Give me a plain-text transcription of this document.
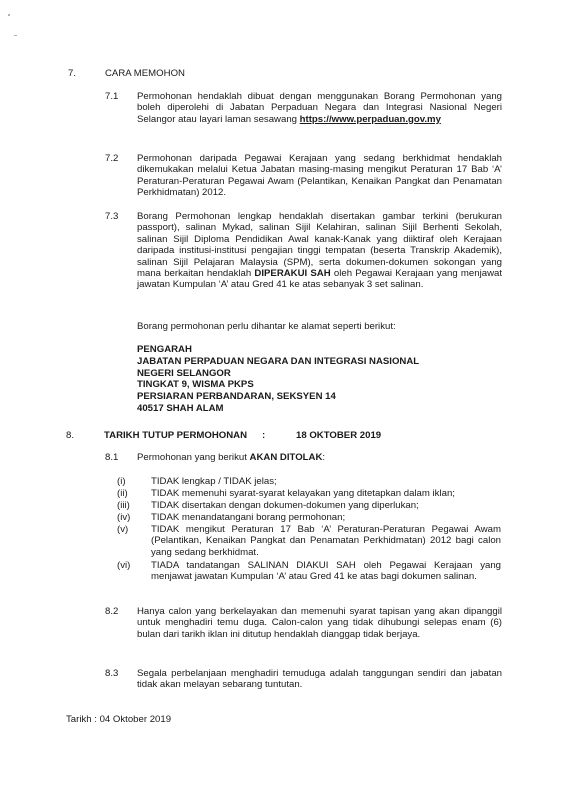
7.	CARA MEMOHON
7.1 Permohonan hendaklah dibuat dengan menggunakan Borang Permohonan yang boleh diperolehi di Jabatan Perpaduan Negara dan Integrasi Nasional Negeri Selangor atau layari laman sesawang https://www.perpaduan.gov.my
7.2 Permohonan daripada Pegawai Kerajaan yang sedang berkhidmat hendaklah dikemukakan melalui Ketua Jabatan masing-masing mengikut Peraturan 17 Bab ‘A’ Peraturan-Peraturan Pegawai Awam (Pelantikan, Kenaikan Pangkat dan Penamatan Perkhidmatan) 2012.
7.3 Borang Permohonan lengkap hendaklah disertakan gambar terkini (berukuran passport), salinan Mykad, salinan Sijil Kelahiran, salinan Sijil Berhenti Sekolah, salinan Sijil Diploma Pendidikan Awal kanak-Kanak yang diiktiraf oleh Kerajaan daripada institusi-institusi pengajian tinggi tempatan (beserta Transkrip Akademik), salinan Sijil Pelajaran Malaysia (SPM), serta dokumen-dokumen sokongan yang mana berkaitan hendaklah DIPERAKUI SAH oleh Pegawai Kerajaan yang menjawat jawatan Kumpulan ‘A’ atau Gred 41 ke atas sebanyak 3 set salinan.
Borang permohonan perlu dihantar ke alamat seperti berikut:
PENGARAH
JABATAN PERPADUAN NEGARA DAN INTEGRASI NASIONAL
NEGERI SELANGOR
TINGKAT 9, WISMA PKPS
PERSIARAN PERBANDARAN, SEKSYEN 14
40517 SHAH ALAM
8.	TARIKH TUTUP PERMOHONAN :	18 OKTOBER 2019
8.1 Permohonan yang berikut AKAN DITOLAK:
(i)	TIDAK lengkap / TIDAK jelas;
(ii) TIDAK memenuhi syarat-syarat kelayakan yang ditetapkan dalam iklan;
(iii) TIDAK disertakan dengan dokumen-dokumen yang diperlukan;
(iv) TIDAK menandatangani borang permohonan;
(v) TIDAK mengikut Peraturan 17 Bab ‘A’ Peraturan-Peraturan Pegawai Awam (Pelantikan, Kenaikan Pangkat dan Penamatan Perkhidmatan) 2012 bagi calon yang sedang berkhidmat.
(vi) TIADA tandatangan SALINAN DIAKUI SAH oleh Pegawai Kerajaan yang menjawat jawatan Kumpulan ‘A’ atau Gred 41 ke atas bagi dokumen salinan.
8.2 Hanya calon yang berkelayakan dan memenuhi syarat tapisan yang akan dipanggil untuk menghadiri temu duga. Calon-calon yang tidak dihubungi selepas enam (6) bulan dari tarikh iklan ini ditutup hendaklah dianggap tidak berjaya.
8.3 Segala perbelanjaan menghadiri temuduga adalah tanggungan sendiri dan jabatan tidak akan melayan sebarang tuntutan.
Tarikh : 04 Oktober 2019
